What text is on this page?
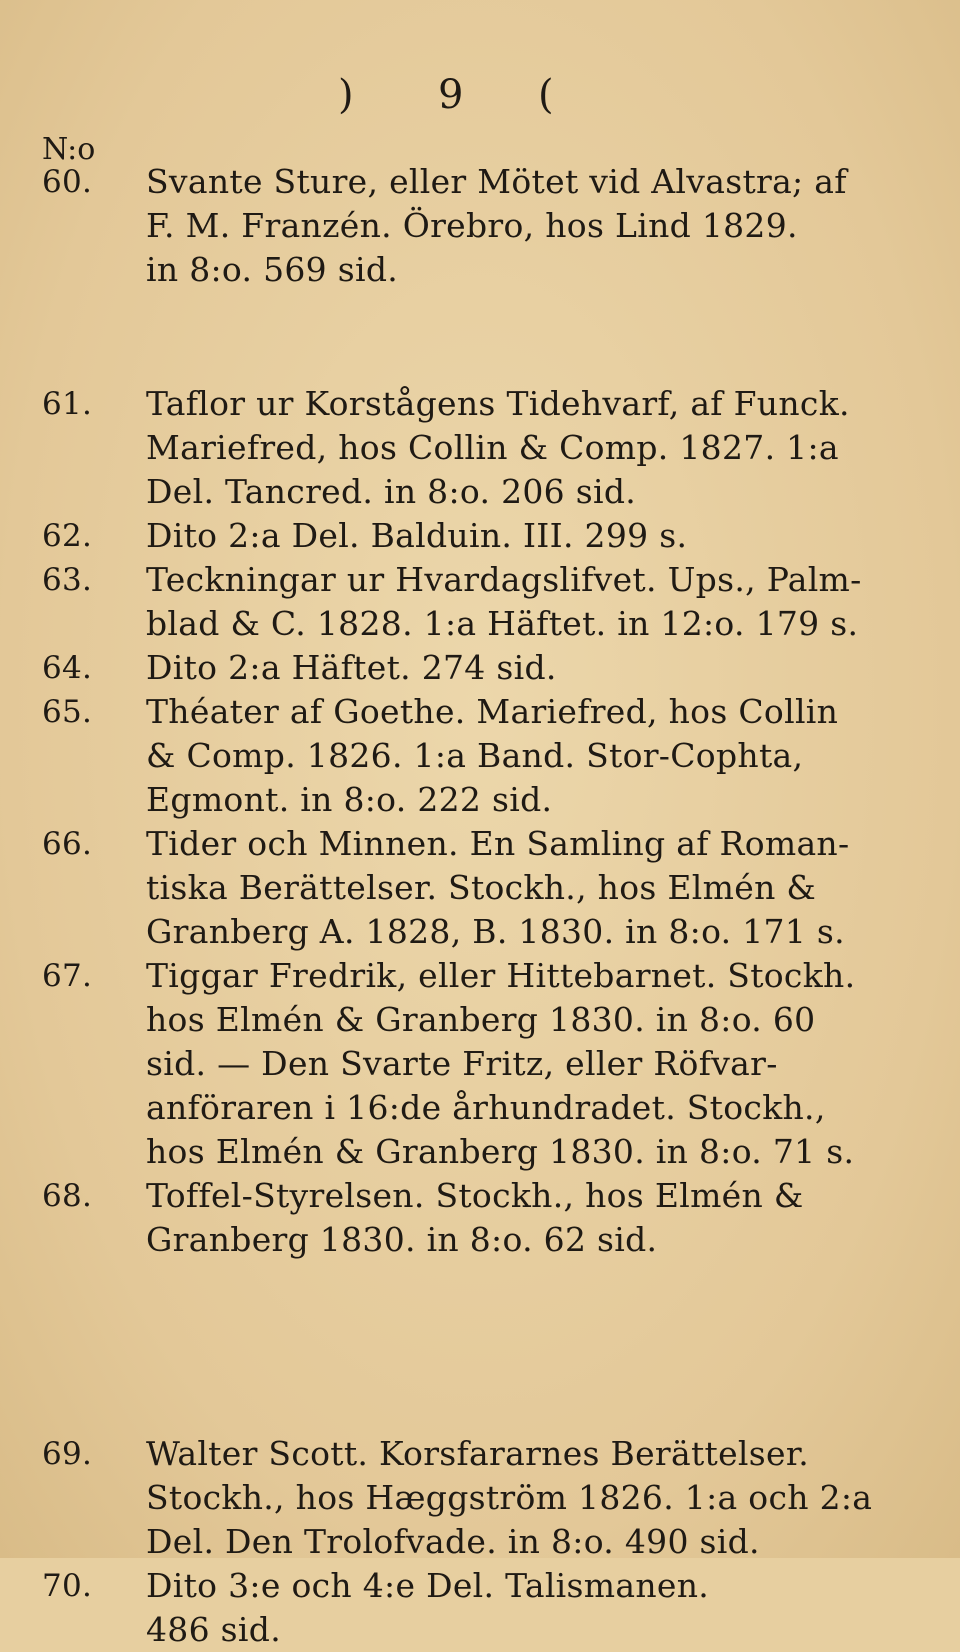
) 9 (
N:o
60. Svante Sture, eller Mötet vid Alvastra; af
F. M. Franzén. Örebro, hos Lind 1829.
in 8:o. 569 sid.
61. Taflor ur Korstågens Tidehvarf, af Funck.
Mariefred, hos Collin & Comp. 1827. 1:a
Del. Tancred. in 8:o. 206 sid.
62. Dito 2:a Del. Balduin. III. 299 s.
63. Teckningar ur Hvardagslifvet. Ups., Palm-
blad & C. 1828. 1:a Häftet. in 12:o. 179 s.
64. Dito 2:a Häftet. 274 sid.
65. Théater af Goethe. Mariefred, hos Collin
& Comp. 1826. 1:a Band. Stor-Cophta,
Egmont. in 8:o. 222 sid.
66. Tider och Minnen. En Samling af Roman-
tiska Berättelser. Stockh., hos Elmén &
Granberg A. 1828, B. 1830. in 8:o. 171 s.
67. Tiggar Fredrik, eller Hittebarnet. Stockh.
hos Elmén & Granberg 1830. in 8:o. 60
sid. — Den Svarte Fritz, eller Röfvar-
anföraren i 16:de århundradet. Stockh.,
hos Elmén & Granberg 1830. in 8:o. 71 s.
68. Toffel-Styrelsen. Stockh., hos Elmén &
Granberg 1830. in 8:o. 62 sid.
69. Walter Scott. Korsfararnes Berättelser.
Stockh., hos Hæggström 1826. 1:a och 2:a
Del. Den Trolofvade. in 8:o. 490 sid.
70. Dito 3:e och 4:e Del. Talismanen.
486 sid.
